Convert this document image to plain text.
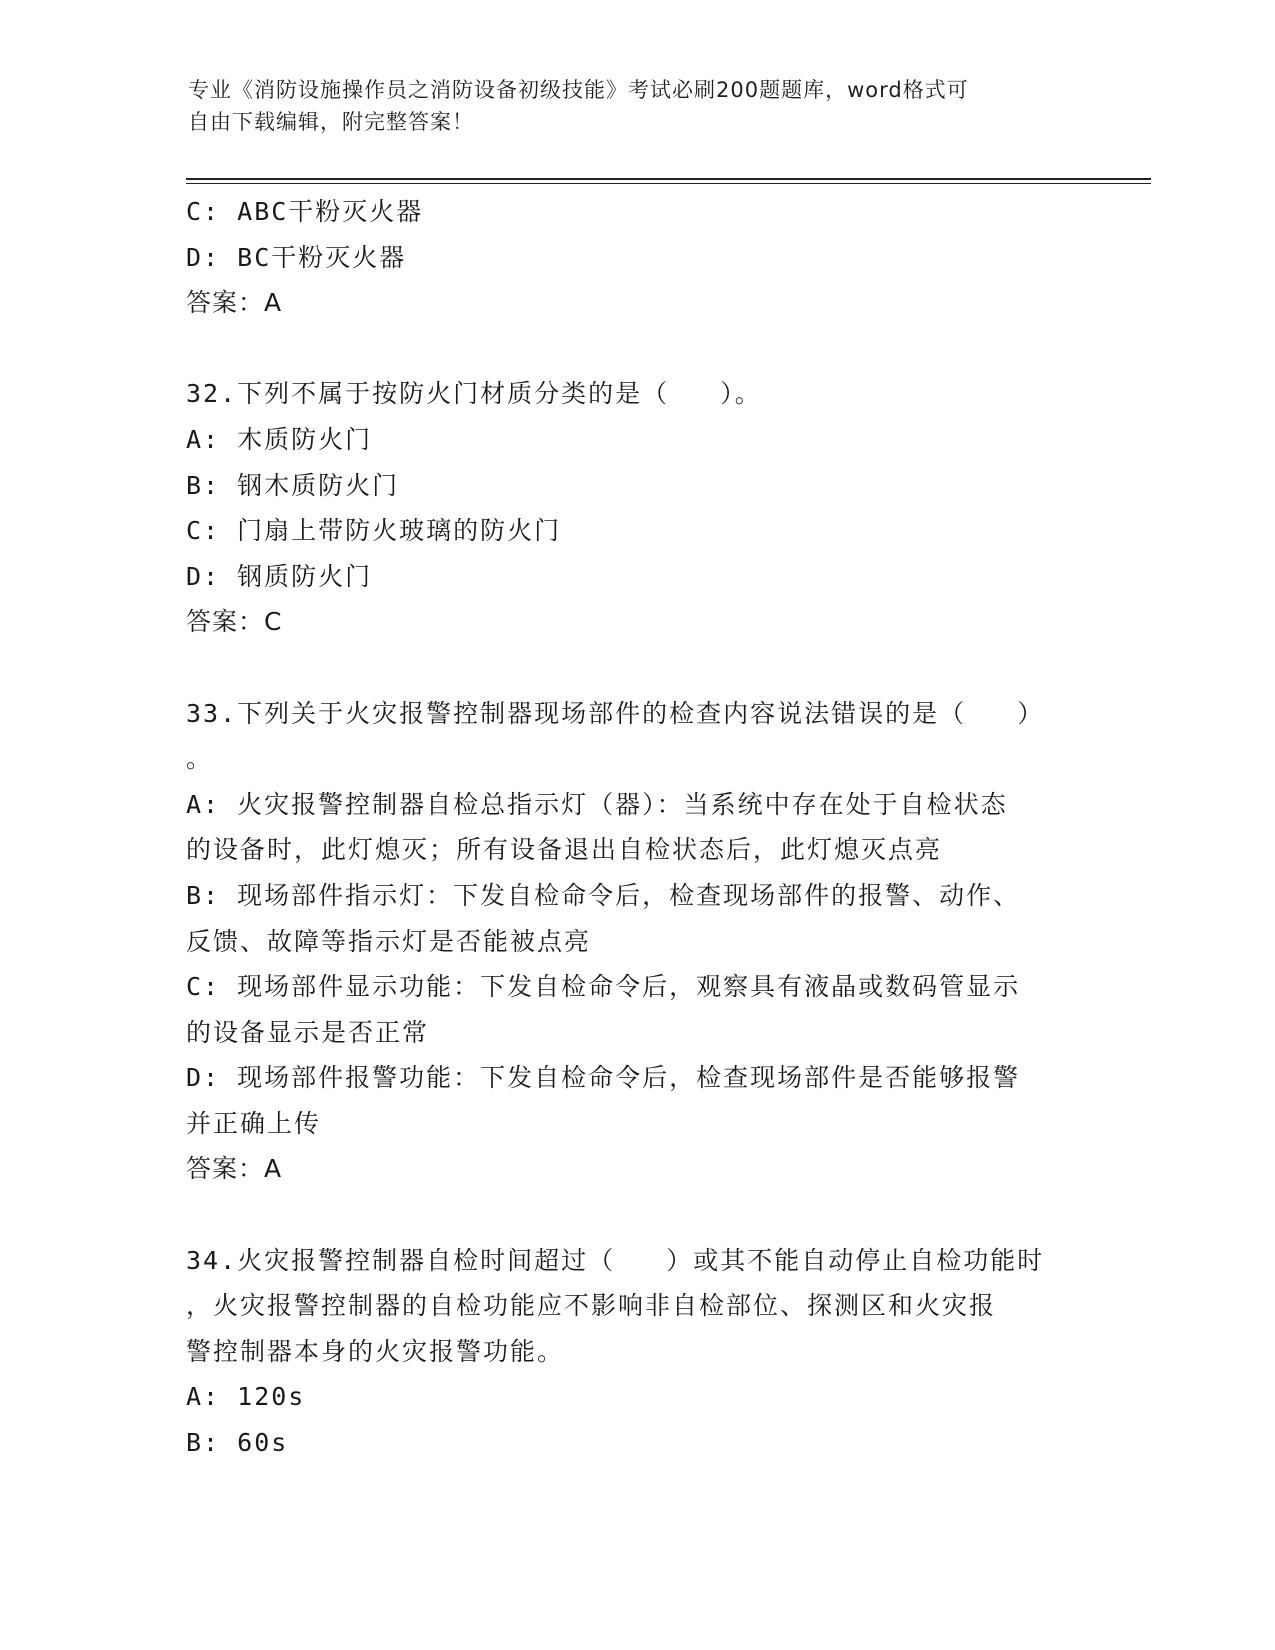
专业《消防设施操作员之消防设备初级技能》考试必刷200题题库，word格式可
自由下载编辑，附完整答案！
C: ABC干粉灭火器
D: BC干粉灭火器
答案：A
32.下列不属于按防火门材质分类的是（   ）。
A: 木质防火门
B: 钢木质防火门
C: 门扇上带防火玻璃的防火门
D: 钢质防火门
答案：C
33.下列关于火灾报警控制器现场部件的检查内容说法错误的是（   ）
。
A: 火灾报警控制器自检总指示灯（器）：当系统中存在处于自检状态
的设备时，此灯熄灭；所有设备退出自检状态后，此灯熄灭点亮
B: 现场部件指示灯：下发自检命令后，检查现场部件的报警、动作、
反馈、故障等指示灯是否能被点亮
C: 现场部件显示功能：下发自检命令后，观察具有液晶或数码管显示
的设备显示是否正常
D: 现场部件报警功能：下发自检命令后，检查现场部件是否能够报警
并正确上传
答案：A
34.火灾报警控制器自检时间超过（   ）或其不能自动停止自检功能时
，火灾报警控制器的自检功能应不影响非自检部位、探测区和火灾报
警控制器本身的火灾报警功能。
A: 120s
B: 60s
